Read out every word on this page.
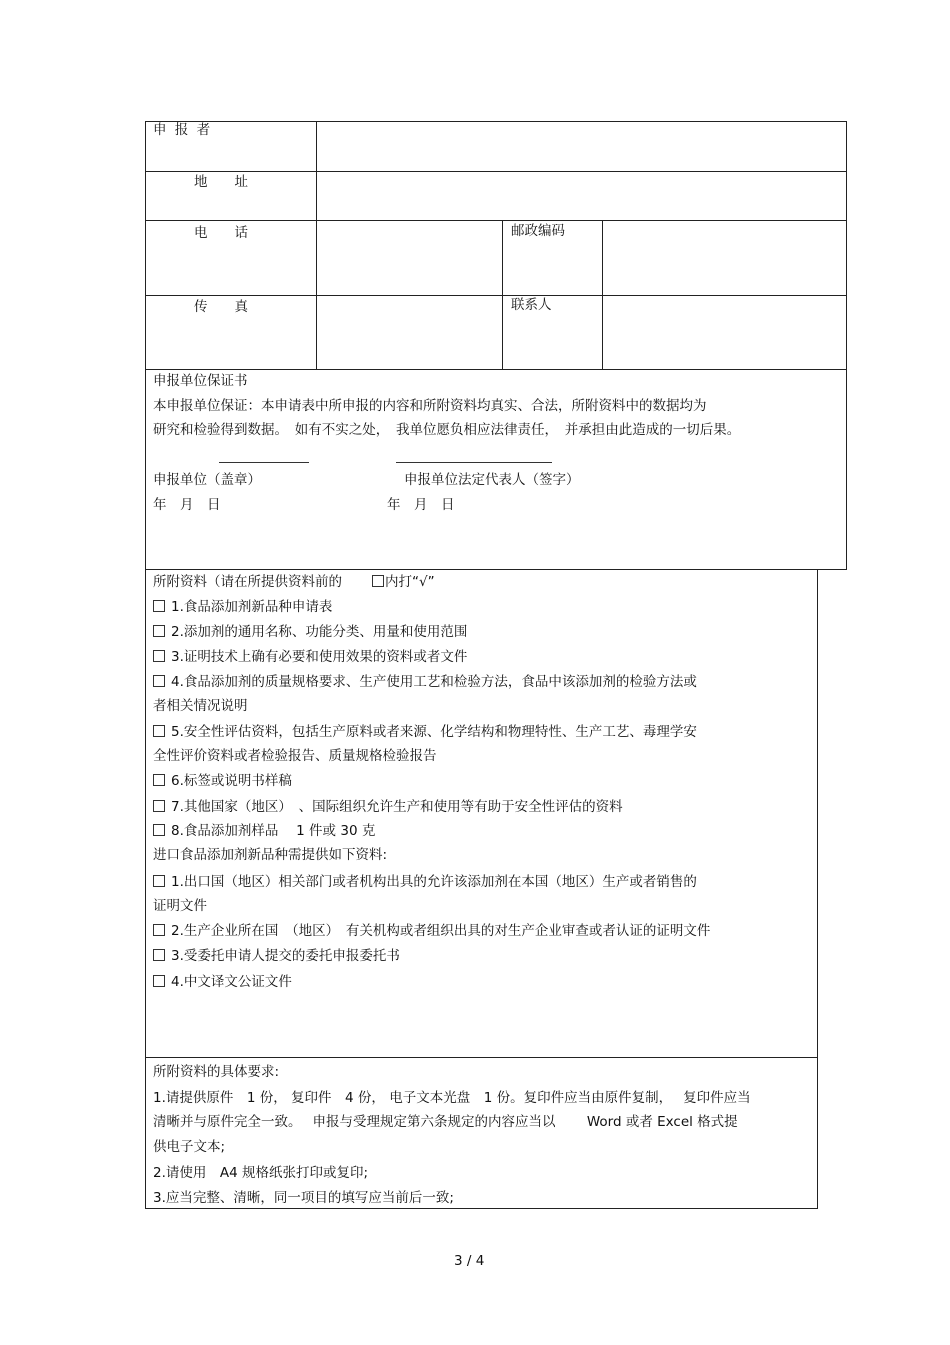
申 报 者
地　　址
电　　话	邮政编码
传　　真	联系人
申报单位保证书
本申报单位保证：本申请表中所申报的内容和所附资料均真实、合法，所附资料中的数据均为
研究和检验得到数据。　如有不实之处，　我单位愿负相应法律责任，　并承担由此造成的一切后果。
申报单位（盖章）	申报单位法定代表人（签字）
年　月　日	年　月　日
所附资料（请在所提供资料前的	内打“√”
1.食品添加剂新品种申请表
2.添加剂的通用名称、功能分类、用量和使用范围
3.证明技术上确有必要和使用效果的资料或者文件
4.食品添加剂的质量规格要求、生产使用工艺和检验方法，食品中该添加剂的检验方法或
者相关情况说明
5.安全性评估资料，包括生产原料或者来源、化学结构和物理特性、生产工艺、毒理学安
全性评价资料或者检验报告、质量规格检验报告
6.标签或说明书样稿
7.其他国家（地区）　、国际组织允许生产和使用等有助于安全性评估的资料
8.食品添加剂样品　 1 件或 30 克
进口食品添加剂新品种需提供如下资料:
1.出口国（地区）相关部门或者机构出具的允许该添加剂在本国（地区）生产或者销售的
证明文件
2.生产企业所在国　（地区）　有关机构或者组织出具的对生产企业审查或者认证的证明文件
3.受委托申请人提交的委托申报委托书
4.中文译文公证文件
所附资料的具体要求:
1.请提供原件　1 份， 复印件　4 份， 电子文本光盘　1 份。复印件应当由原件复制，　 复印件应当
清晰并与原件完全一致。　 申报与受理规定第六条规定的内容应当以　　 Word 或者 Excel 格式提
供电子文本;
2.请使用　A4 规格纸张打印或复印;
3.应当完整、清晰，同一项目的填写应当前后一致;
3 / 4
